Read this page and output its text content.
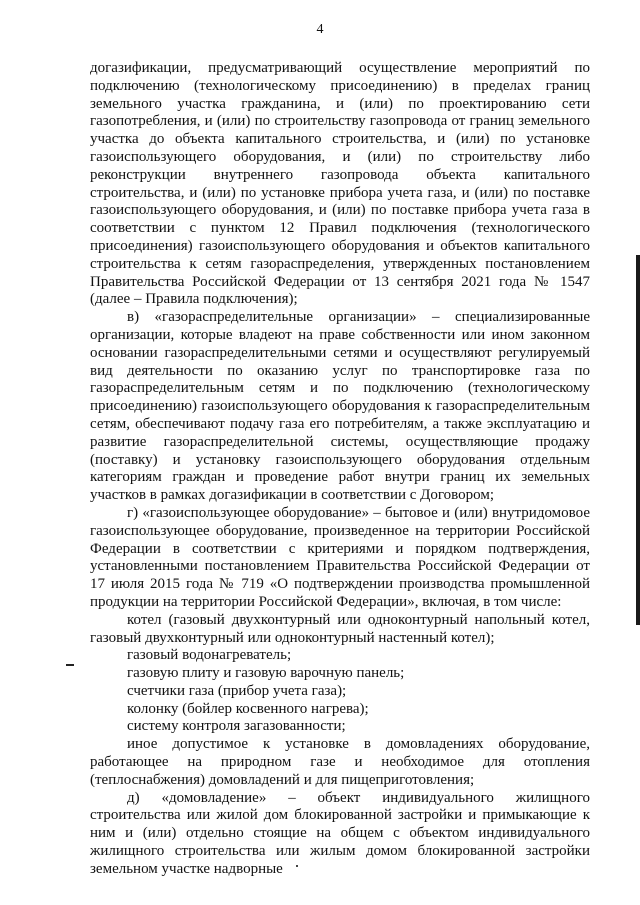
4

догазификации, предусматривающий осуществление мероприятий по подключению (технологическому присоединению) в пределах границ земельного участка гражданина, и (или) по проектированию сети газопотребления, и (или) по строительству газопровода от границ земельного участка до объекта капитального строительства, и (или) по установке газоиспользующего оборудования, и (или) по строительству либо реконструкции внутреннего газопровода объекта капитального строительства, и (или) по установке прибора учета газа, и (или) по поставке газоиспользующего оборудования, и (или) по поставке прибора учета газа в соответствии с пунктом 12 Правил подключения (технологического присоединения) газоиспользующего оборудования и объектов капитального строительства к сетям газораспределения, утвержденных постановлением Правительства Российской Федерации от 13 сентября 2021 года № 1547 (далее – Правила подключения);

в) «газораспределительные организации» – специализированные организации, которые владеют на праве собственности или ином законном основании газораспределительными сетями и осуществляют регулируемый вид деятельности по оказанию услуг по транспортировке газа по газораспределительным сетям и по подключению (технологическому присоединению) газоиспользующего оборудования к газораспределительным сетям, обеспечивают подачу газа его потребителям, а также эксплуатацию и развитие газораспределительной системы, осуществляющие продажу (поставку) и установку газоиспользующего оборудования отдельным категориям граждан и проведение работ внутри границ их земельных участков в рамках догазификации в соответствии с Договором;

г) «газоиспользующее оборудование» – бытовое и (или) внутридомовое газоиспользующее оборудование, произведенное на территории Российской Федерации в соответствии с критериями и порядком подтверждения, установленными постановлением Правительства Российской Федерации от 17 июля 2015 года № 719 «О подтверждении производства промышленной продукции на территории Российской Федерации», включая, в том числе:

котел (газовый двухконтурный или одноконтурный напольный котел, газовый двухконтурный или одноконтурный настенный котел);

газовый водонагреватель;

газовую плиту и газовую варочную панель;

счетчики газа (прибор учета газа);

колонку (бойлер косвенного нагрева);

систему контроля загазованности;

иное допустимое к установке в домовладениях оборудование, работающее на природном газе и необходимое для отопления (теплоснабжения) домовладений и для пищеприготовления;

д) «домовладение» – объект индивидуального жилищного строительства или жилой дом блокированной застройки и примыкающие к ним и (или) отдельно стоящие на общем с объектом индивидуального жилищного строительства или жилым домом блокированной застройки земельном участке надворные
